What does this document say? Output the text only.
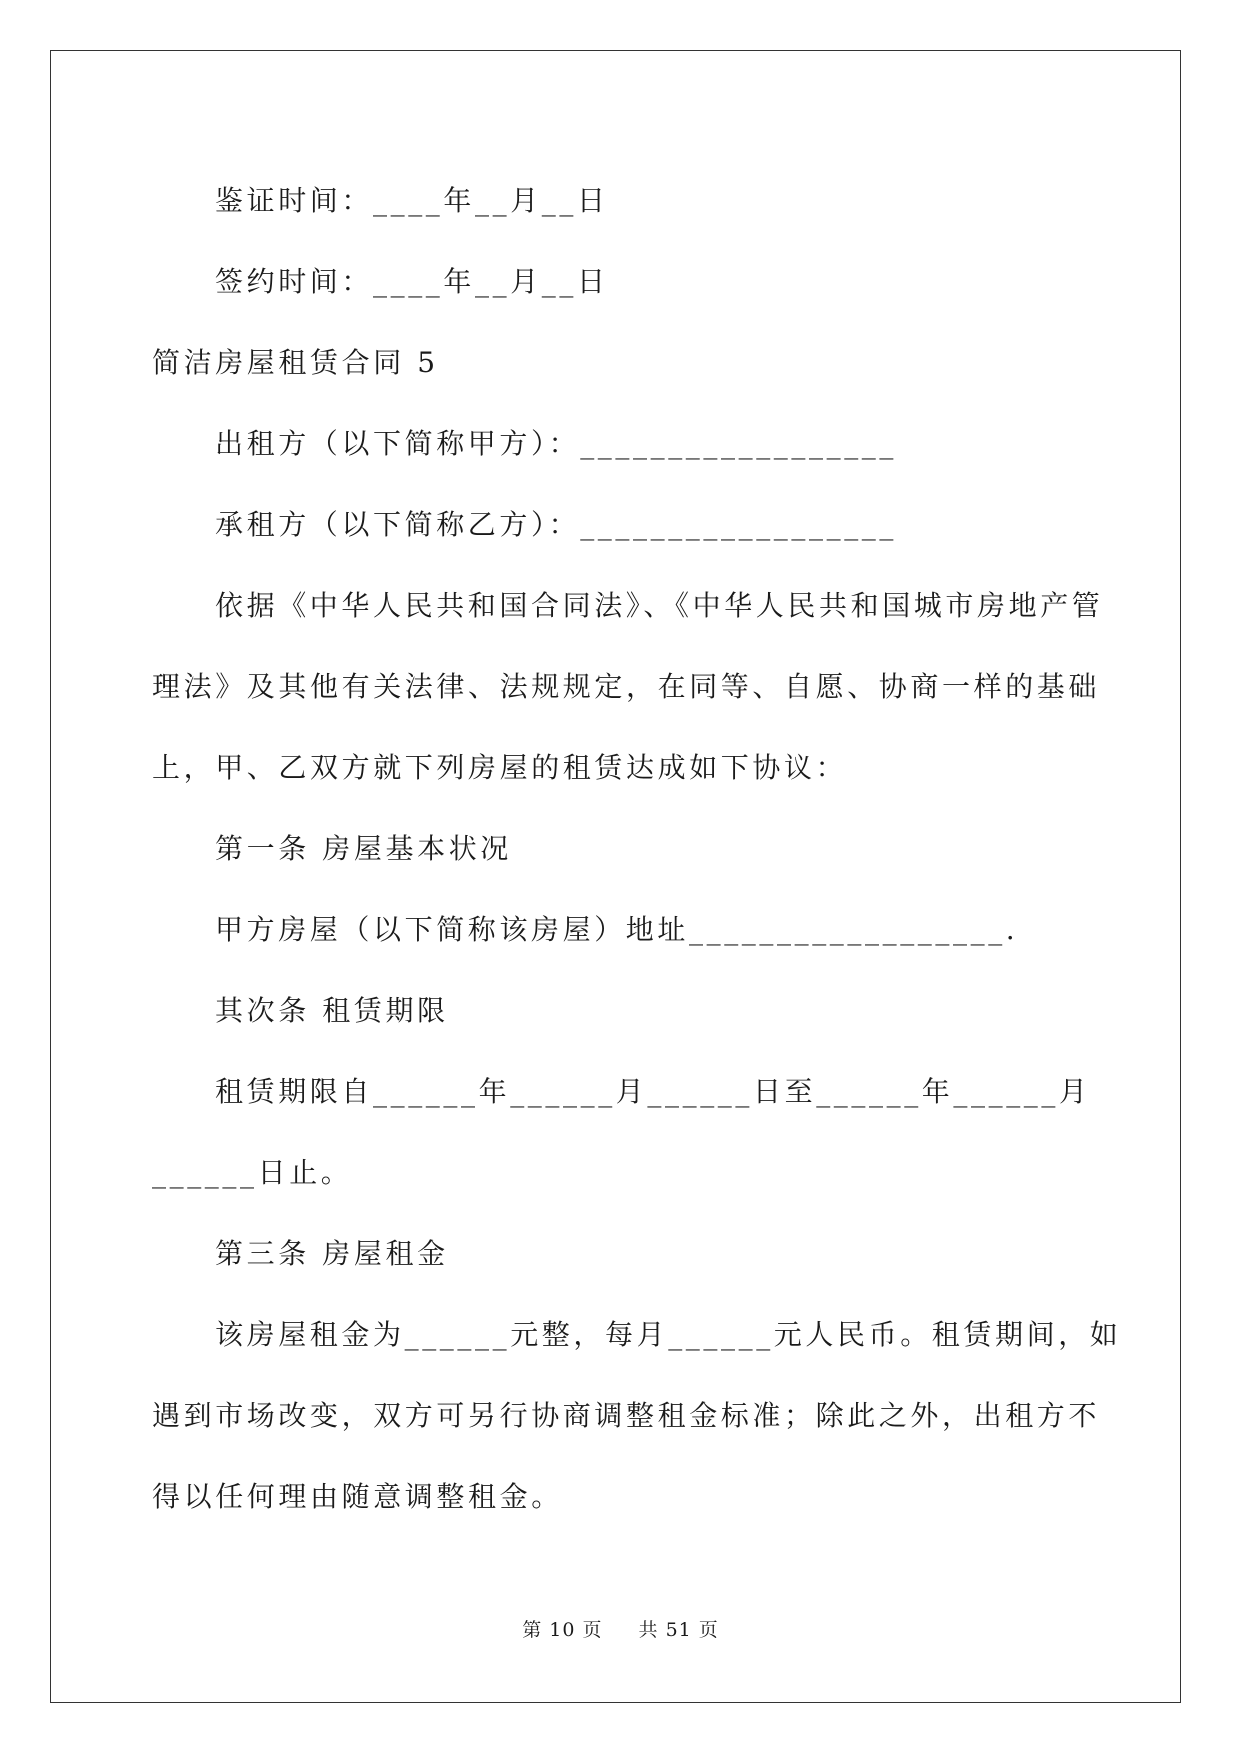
鉴证时间：____年__月__日
签约时间：____年__月__日
简洁房屋租赁合同 5
出租方（以下简称甲方）：__________________
承租方（以下简称乙方）：__________________
依据《中华人民共和国合同法》、《中华人民共和国城市房地产管
理法》及其他有关法律、法规规定，在同等、自愿、协商一样的基础
上，甲、乙双方就下列房屋的租赁达成如下协议：
第一条 房屋基本状况
甲方房屋（以下简称该房屋）地址__________________.
其次条 租赁期限
租赁期限自______年______月______日至______年______月
______日止。
第三条 房屋租金
该房屋租金为______元整，每月______元人民币。租赁期间，如
遇到市场改变，双方可另行协商调整租金标准；除此之外，出租方不
得以任何理由随意调整租金。
第 10 页 共 51 页
